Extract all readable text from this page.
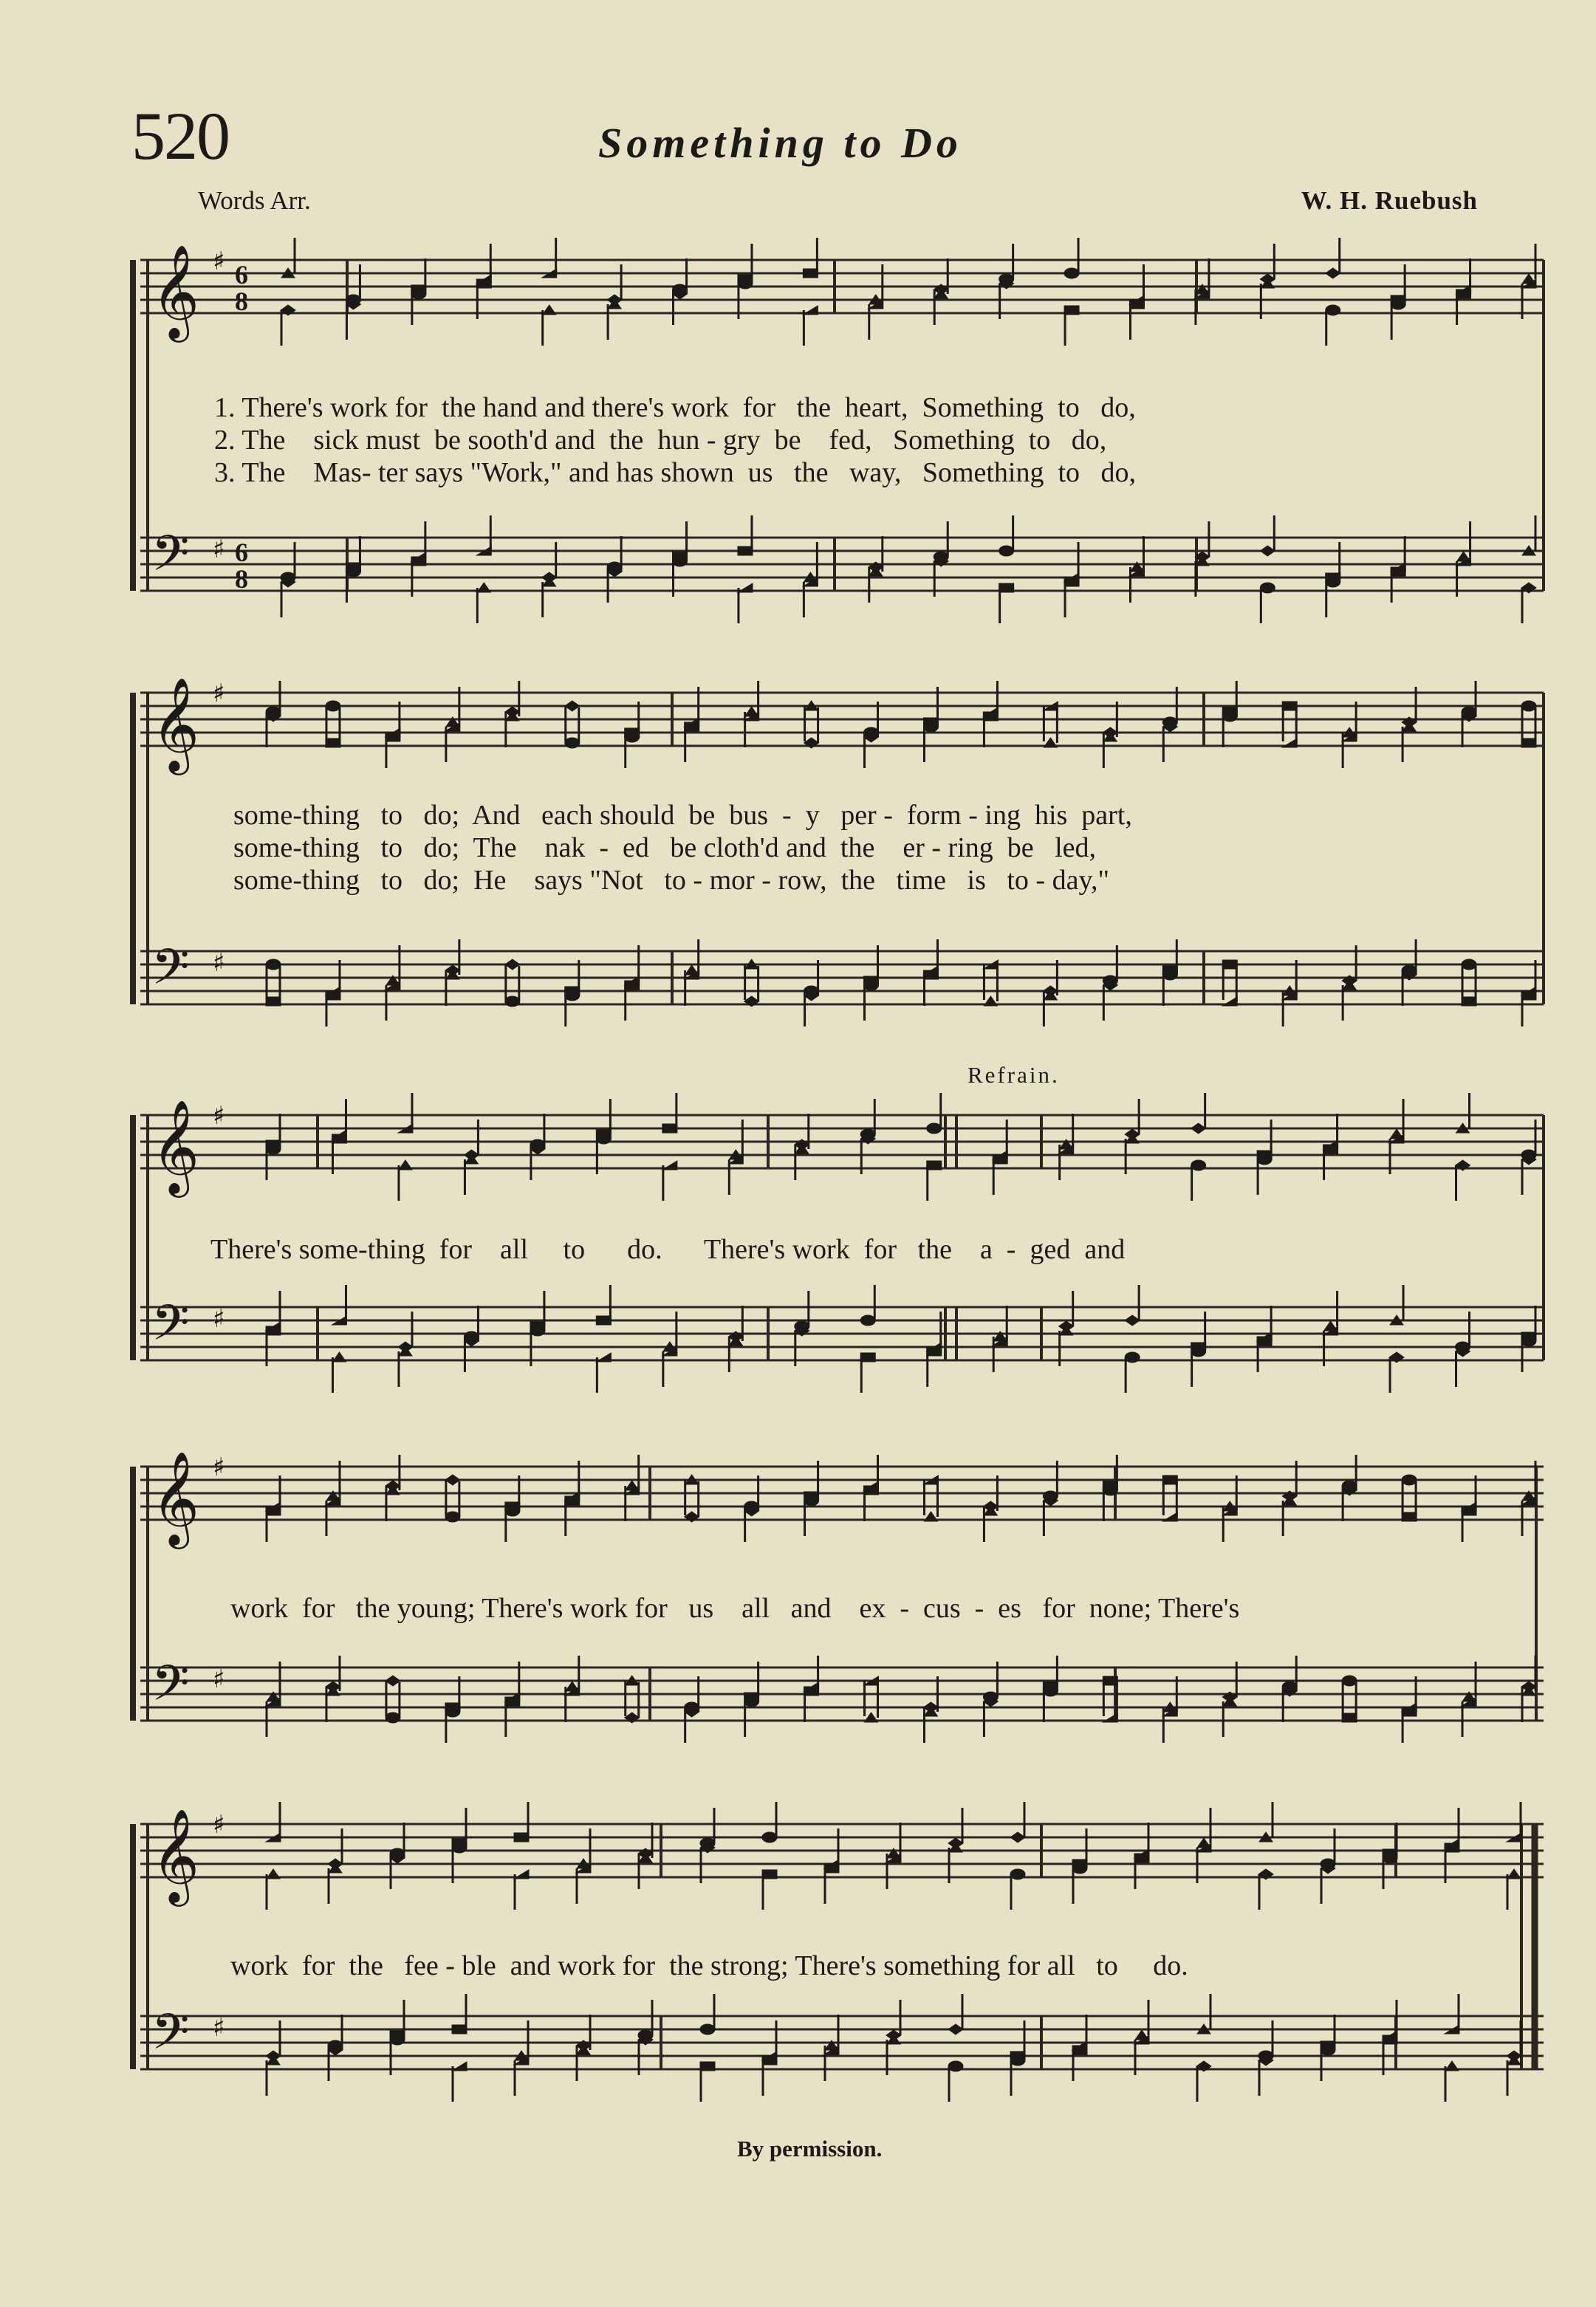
520	Something to Do
Words Arr.	W. H. Ruebush
𝄞
𝄢
𝄞
𝄢
𝄞
𝄢
𝄞
𝄢
𝄞
𝄢
♯
♯
♯
♯
♯
♯
♯
♯
♯
♯
6
8
6
8
1. There's work for  the hand and there's work  for   the  heart,  Something  to   do,
2. The    sick must  be sooth'd and  the  hun - gry  be    fed,   Something  to   do,
3. The    Mas- ter says "Work," and has shown  us   the   way,   Something  to   do,
some-thing   to   do;  And   each should  be  bus  -  y   per -  form - ing  his  part,
some-thing   to   do;  The    nak  -  ed   be cloth'd and  the    er - ring  be   led,
some-thing   to   do;  He    says "Not   to - mor - row,  the   time   is   to - day,"
Refrain.
There's some-thing  for    all     to      do.      There's work  for   the    a  -  ged  and
work  for   the young; There's work for   us    all   and    ex  -  cus  -  es   for  none; There's
work  for  the   fee - ble  and work for  the strong; There's something for all   to     do.
By permission.
